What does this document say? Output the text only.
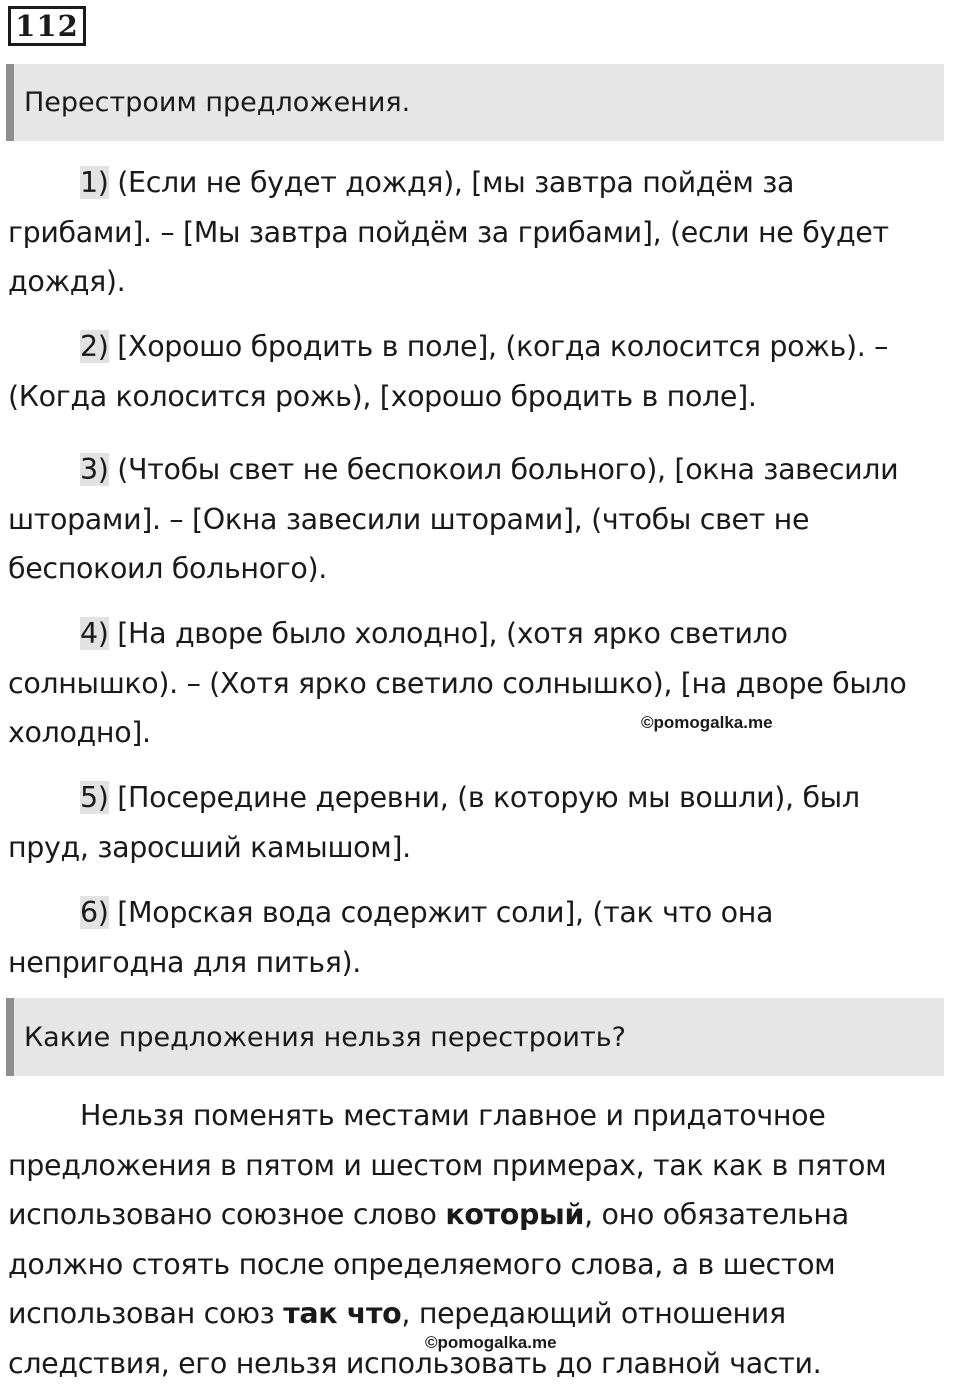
112
Перестроим предложения.

1) (Если не будет дождя), [мы завтра пойдём за
грибами]. – [Мы завтра пойдём за грибами], (если не будет
дождя).

2) [Хорошо бродить в поле], (когда колосится рожь). –
(Когда колосится рожь), [хорошо бродить в поле].

3) (Чтобы свет не беспокоил больного), [окна завесили
шторами]. – [Окна завесили шторами], (чтобы свет не
беспокоил больного).

4) [На дворе было холодно], (хотя ярко светило
солнышко). – (Хотя ярко светило солнышко), [на дворе было
холодно].	©pomogalka.me

5) [Посередине деревни, (в которую мы вошли), был
пруд, заросший камышом].

6) [Морская вода содержит соли], (так что она
непригодна для питья).

Какие предложения нельзя перестроить?

Нельзя поменять местами главное и придаточное
предложения в пятом и шестом примерах, так как в пятом
использовано союзное слово который, оно обязательна
должно стоять после определяемого слова, а в шестом
использован союз так что, передающий отношения
следствия, его нельзя использовать до главной части.

©pomogalka.me
